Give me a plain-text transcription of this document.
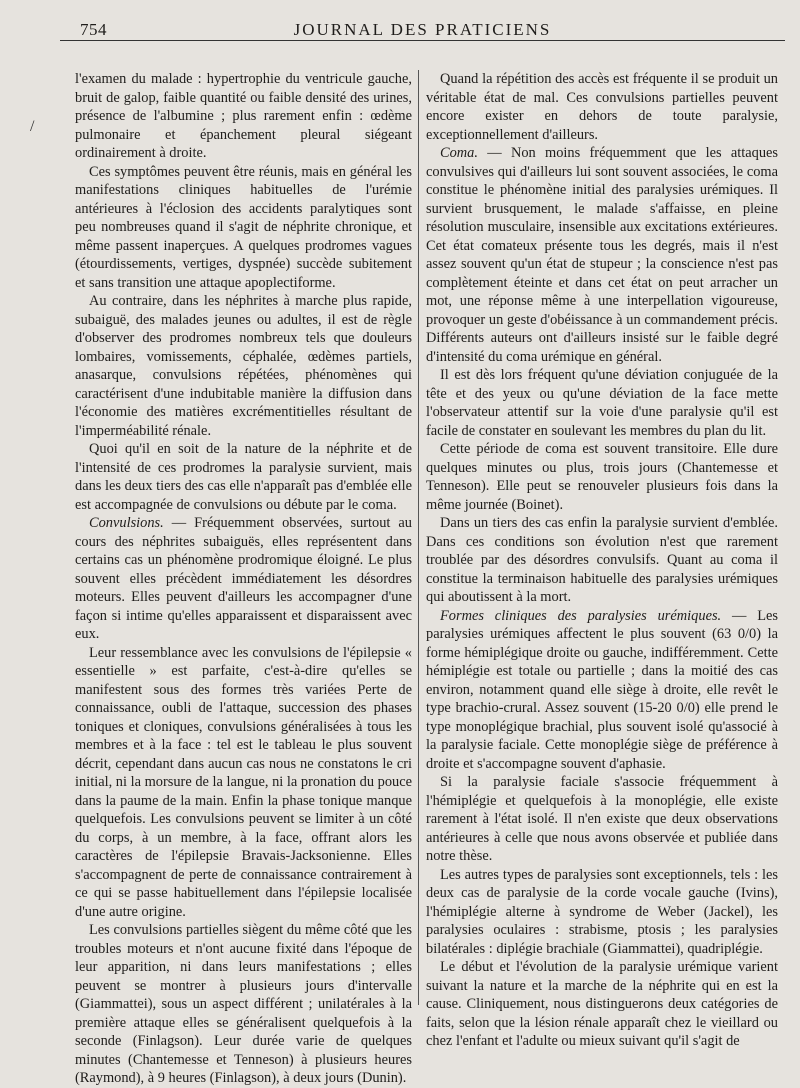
754	JOURNAL DES PRATICIENS
/

l'examen du malade : hypertrophie du ventricule gauche, bruit de galop, faible quantité ou faible densité des urines, présence de l'albumine ; plus rarement enfin : œdème pulmonaire et épanchement pleural siégeant ordinairement à droite.

Ces symptômes peuvent être réunis, mais en général les manifestations cliniques habituelles de l'urémie antérieures à l'éclosion des accidents paralytiques sont peu nombreuses quand il s'agit de néphrite chronique, et même passent inaperçues. A quelques prodromes vagues (étourdissements, vertiges, dyspnée) succède subitement et sans transition une attaque apoplectiforme.

Au contraire, dans les néphrites à marche plus rapide, subaiguë, des malades jeunes ou adultes, il est de règle d'observer des prodromes nombreux tels que douleurs lombaires, vomissements, céphalée, œdèmes partiels, anasarque, convulsions répétées, phénomènes qui caractérisent d'une indubitable manière la diffusion dans l'économie des matières excrémentitielles résultant de l'imperméabilité rénale.

Quoi qu'il en soit de la nature de la néphrite et de l'intensité de ces prodromes la paralysie survient, mais dans les deux tiers des cas elle n'apparaît pas d'emblée elle est accompagnée de convulsions ou débute par le coma.

Convulsions. — Fréquemment observées, surtout au cours des néphrites subaiguës, elles représentent dans certains cas un phénomène prodromique éloigné. Le plus souvent elles précèdent immédiatement les désordres moteurs. Elles peuvent d'ailleurs les accompagner d'une façon si intime qu'elles apparaissent et disparaissent avec eux.

Leur ressemblance avec les convulsions de l'épilepsie « essentielle » est parfaite, c'est-à-dire qu'elles se manifestent sous des formes très variées Perte de connaissance, oubli de l'attaque, succession des phases toniques et cloniques, convulsions généralisées à tous les membres et à la face : tel est le tableau le plus souvent décrit, cependant dans aucun cas nous ne constatons le cri initial, ni la morsure de la langue, ni la pronation du pouce dans la paume de la main. Enfin la phase tonique manque quelquefois. Les convulsions peuvent se limiter à un côté du corps, à un membre, à la face, offrant alors les caractères de l'épilepsie Bravais-Jacksonienne. Elles s'accompagnent de perte de connaissance contrairement à ce qui se passe habituellement dans l'épilepsie localisée d'une autre origine.

Les convulsions partielles siègent du même côté que les troubles moteurs et n'ont aucune fixité dans l'époque de leur apparition, ni dans leurs manifestations ; elles peuvent se montrer à plusieurs jours d'intervalle (Giammattei), sous un aspect différent ; unilatérales à la première attaque elles se généralisent quelquefois à la seconde (Finlagson). Leur durée varie de quelques minutes (Chantemesse et Tenneson) à plusieurs heures (Raymond), à 9 heures (Finlagson), à deux jours (Dunin).

Quand la répétition des accès est fréquente il se produit un véritable état de mal. Ces convulsions partielles peuvent encore exister en dehors de toute paralysie, exceptionnellement d'ailleurs.

Coma. — Non moins fréquemment que les attaques convulsives qui d'ailleurs lui sont souvent associées, le coma constitue le phénomène initial des paralysies urémiques. Il survient brusquement, le malade s'affaisse, en pleine résolution musculaire, insensible aux excitations extérieures. Cet état comateux présente tous les degrés, mais il n'est assez souvent qu'un état de stupeur ; la conscience n'est pas complètement éteinte et dans cet état on peut arracher un mot, une réponse même à une interpellation vigoureuse, provoquer un geste d'obéissance à un commandement précis. Différents auteurs ont d'ailleurs insisté sur le faible degré d'intensité du coma urémique en général.

Il est dès lors fréquent qu'une déviation conjuguée de la tête et des yeux ou qu'une déviation de la face mette l'observateur attentif sur la voie d'une paralysie qu'il est facile de constater en soulevant les membres du plan du lit.

Cette période de coma est souvent transitoire. Elle dure quelques minutes ou plus, trois jours (Chantemesse et Tenneson). Elle peut se renouveler plusieurs fois dans la même journée (Boinet).

Dans un tiers des cas enfin la paralysie survient d'emblée. Dans ces conditions son évolution n'est que rarement troublée par des désordres convulsifs. Quant au coma il constitue la terminaison habituelle des paralysies urémiques qui aboutissent à la mort.

Formes cliniques des paralysies urémiques. — Les paralysies urémiques affectent le plus souvent (63 0/0) la forme hémiplégique droite ou gauche, indifféremment. Cette hémiplégie est totale ou partielle ; dans la moitié des cas environ, notamment quand elle siège à droite, elle revêt le type brachio-crural. Assez souvent (15-20 0/0) elle prend le type monoplégique brachial, plus souvent isolé qu'associé à la paralysie faciale. Cette monoplégie siège de préférence à droite et s'accompagne souvent d'aphasie.

Si la paralysie faciale s'associe fréquemment à l'hémiplégie et quelquefois à la monoplégie, elle existe rarement à l'état isolé. Il n'en existe que deux observations antérieures à celle que nous avons observée et publiée dans notre thèse.

Les autres types de paralysies sont exceptionnels, tels : les deux cas de paralysie de la corde vocale gauche (Ivins), l'hémiplégie alterne à syndrome de Weber (Jackel), les paralysies oculaires : strabisme, ptosis ; les paralysies bilatérales : diplégie brachiale (Giammattei), quadriplégie.

Le début et l'évolution de la paralysie urémique varient suivant la nature et la marche de la néphrite qui en est la cause. Cliniquement, nous distinguerons deux catégories de faits, selon que la lésion rénale apparaît chez le vieillard ou chez l'enfant et l'adulte ou mieux suivant qu'il s'agit de
